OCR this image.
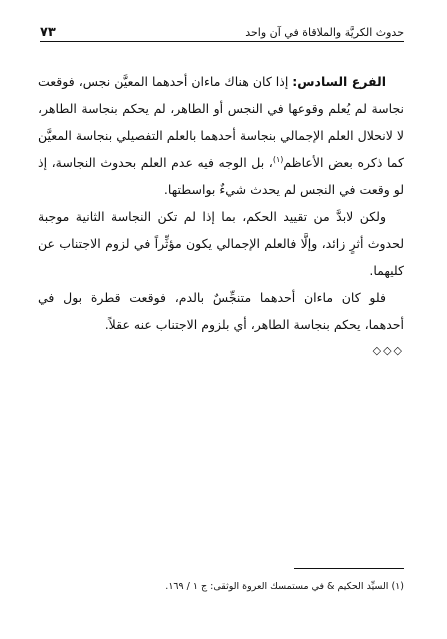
حدوث الكريَّة والملاقاة في آن واحد
٧٣

الفرع السادس: إذا كان هناك ماءان أحدهما المعيَّن نجس، فوقعت نجاسة لم يُعلم وقوعها في النجس أو الطاهر، لم يحكم بنجاسة الطاهر، لا لانحلال العلم الإجمالي بنجاسة أحدهما بالعلم التفصيلي بنجاسة المعيَّن كما ذكره بعض الأعاظم$^{(١)}$، بل الوجه فيه عدم العلم بحدوث النجاسة، إذ لو وقعت في النجس لم يحدث شيءٌ بواسطتها.

ولكن لابدَّ من تقييد الحكم، بما إذا لم تكن النجاسة الثانية موجبة لحدوث أثرٍ زائد، وإلَّا فالعلم الإجمالي يكون مؤثِّراً في لزوم الاجتناب عن كليهما.

فلو كان ماءان أحدهما متنجِّسٌ بالدم، فوقعت قطرة بول في أحدهما، يحكم بنجاسة الطاهر، أي بلزوم الاجتناب عنه عقلاً.

◇◇◇
(١) السيِّد الحكيم & في مستمسك العروة الوثقى: ج ١ / ١٦٩.
